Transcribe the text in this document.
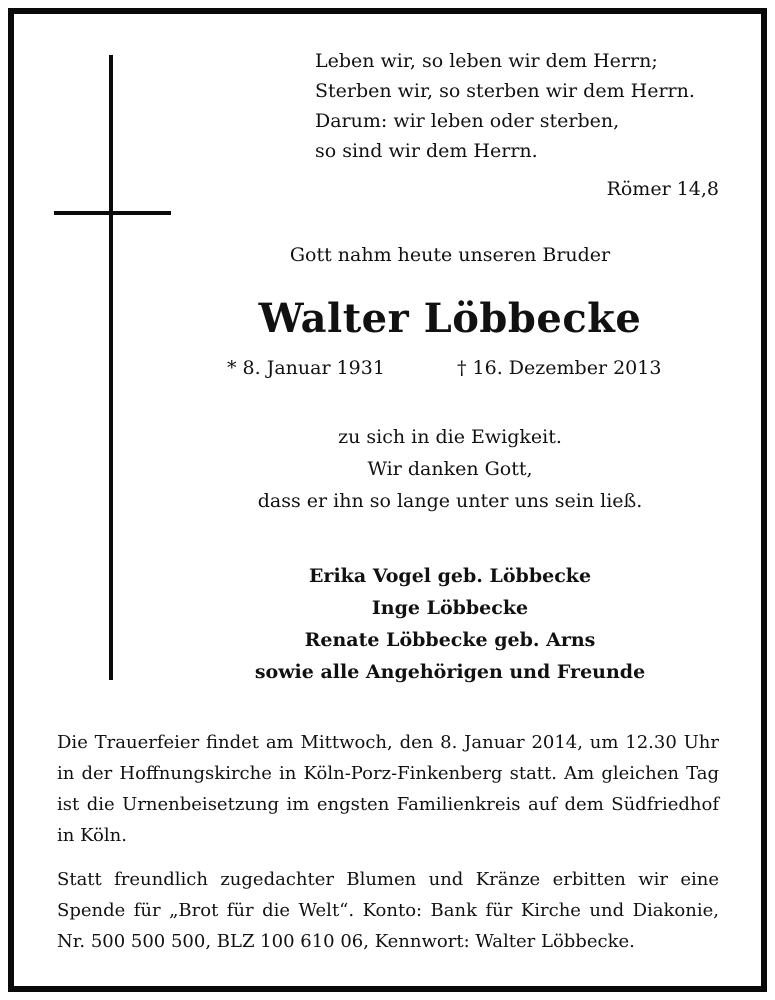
Leben wir, so leben wir dem Herrn;
Sterben wir, so sterben wir dem Herrn.
Darum: wir leben oder sterben,
so sind wir dem Herrn.
Römer 14,8
Gott nahm heute unseren Bruder
Walter Löbbecke
* 8. Januar 1931	† 16. Dezember 2013
zu sich in die Ewigkeit.
Wir danken Gott,
dass er ihn so lange unter uns sein ließ.
Erika Vogel geb. Löbbecke
Inge Löbbecke
Renate Löbbecke geb. Arns
sowie alle Angehörigen und Freunde

Die Trauerfeier findet am Mittwoch, den 8. Januar 2014, um 12.30 Uhr in der Hoffnungskirche in Köln-Porz-Finkenberg statt. Am gleichen Tag ist die Urnenbeisetzung im engsten Familienkreis auf dem Südfriedhof in Köln.

Statt freundlich zugedachter Blumen und Kränze erbitten wir eine Spende für „Brot für die Welt“. Konto: Bank für Kirche und Diakonie, Nr. 500 500 500, BLZ 100 610 06, Kennwort: Walter Löbbecke.
